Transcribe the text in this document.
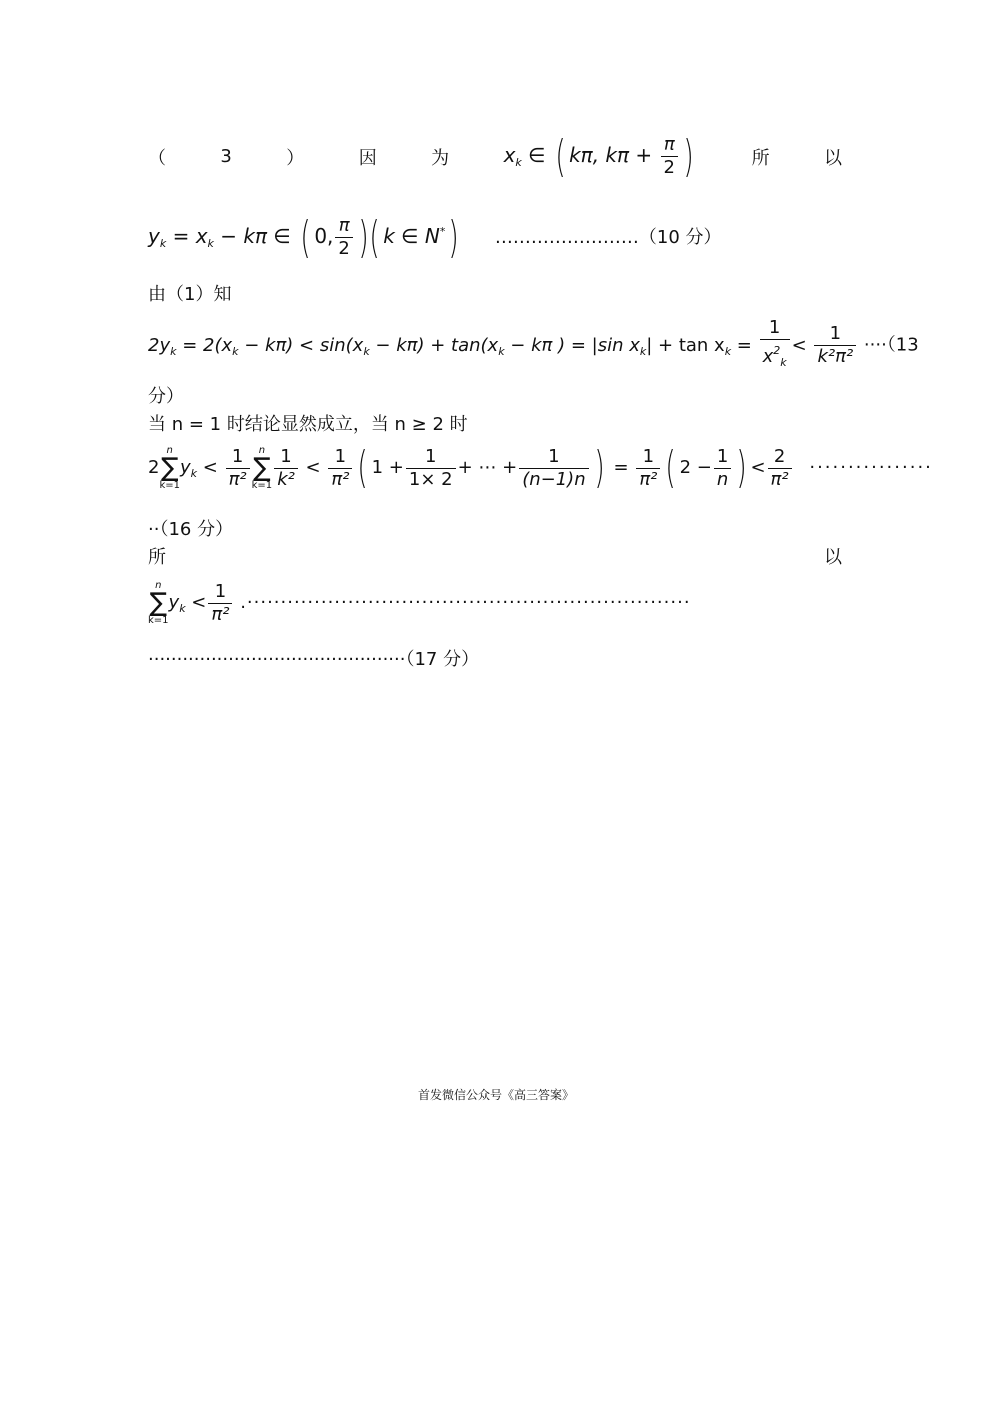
（	3	）	因	为	$x_k$ ∈ ( kπ, $k\pi + \frac{\pi}{2}$ )	所	以
$y_k = x_k - k\pi$ ∈ ( 0, $\frac{\pi}{2}$ )( k ∈ N*) ……………………（10 分）
由（1）知
$2y_k = 2(x_k - k\pi) < \sin(x_k - k\pi) + \tan(x_k - k\pi$ ) = |sin $x_k| + \tan x_k = \frac{1}{x^2_k} < \frac{1}{\text{k²π²}} \cdot\cdot\cdot\cdot(13$
分）
当 n = 1 时结论显然成立，当 n ≥ 2 时
2
n
∑
k=1
$y_k < \frac{1}{\text{π²}}$ n
∑
$k=1 \frac{1}{\text{k²}} < \frac{1}{\text{π²}}$ ( $1 + \frac{1}{1\times 2}$ + ⋯ + $\frac{1}{(n-1)n}$ ) = $\frac{1}{\text{π²}}$ ( $2 - \frac{1}{n}$ ) < $\frac{2}{\text{π²}}$ ················
··（16 分）
所	以
n
∑
k=1
$y_k < \frac{1}{\text{π²}}$ .··································································
·············································（17 分）
首发微信公众号《高三答案》
